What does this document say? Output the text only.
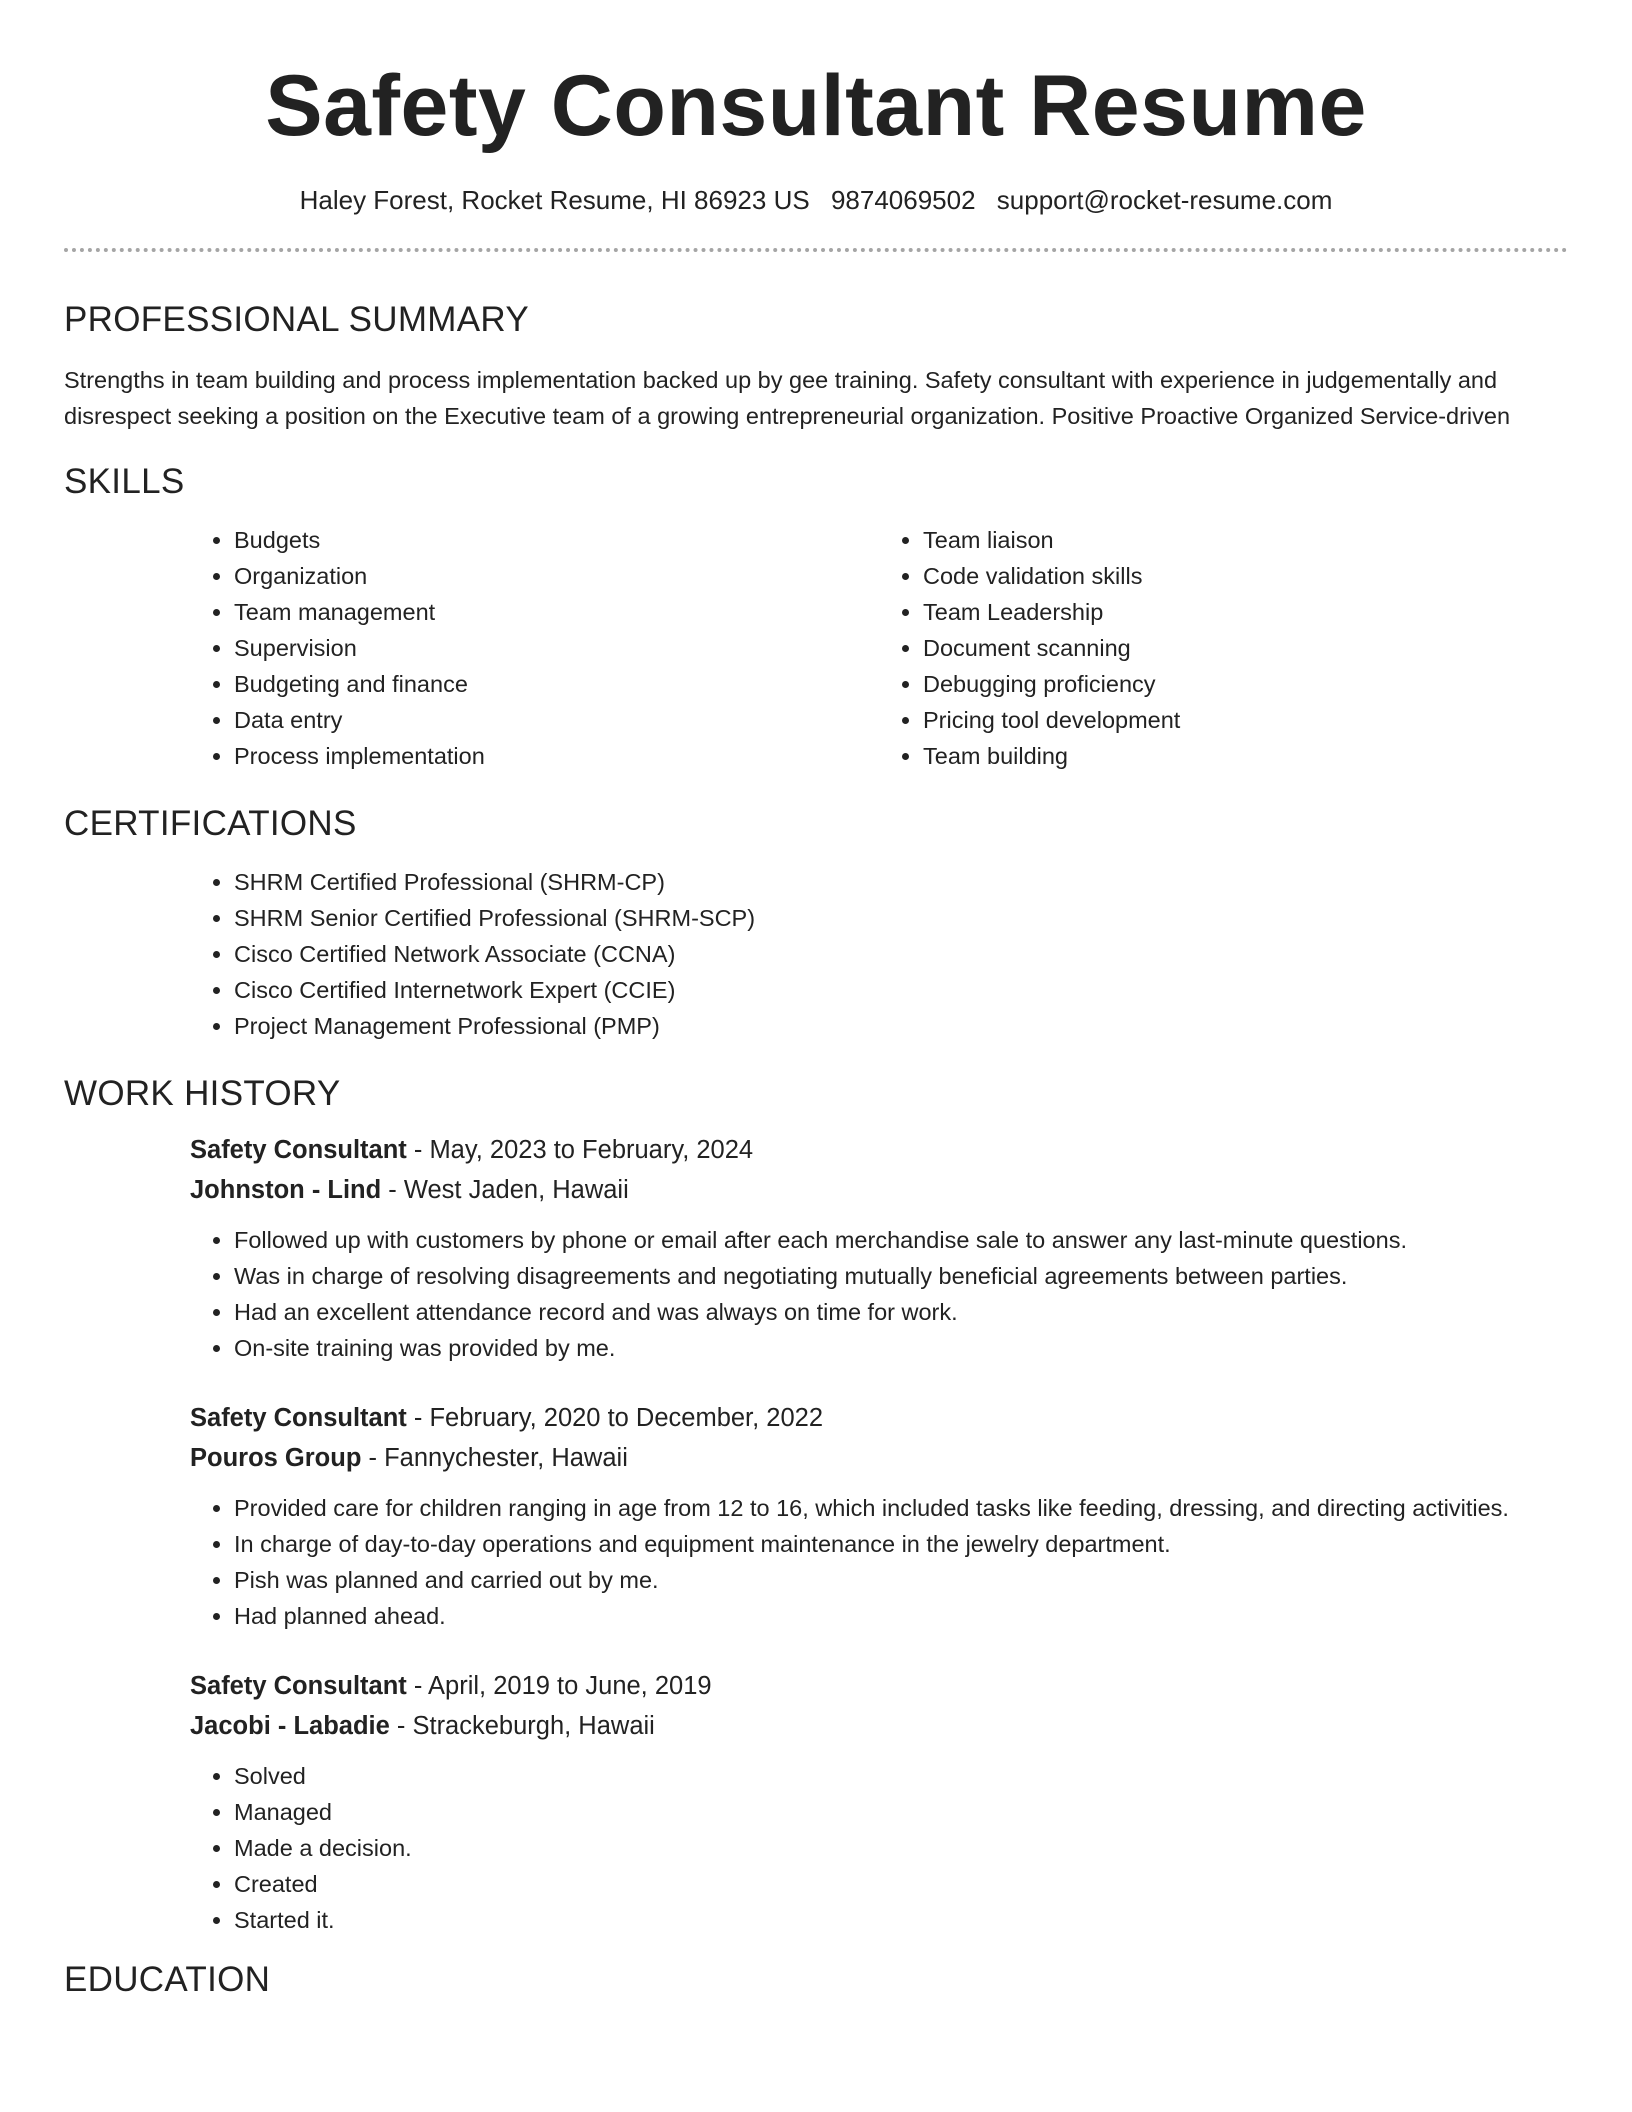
Safety Consultant Resume
Haley Forest, Rocket Resume, HI 86923 US 9874069502 support@rocket-resume.com
PROFESSIONAL SUMMARY

Strengths in team building and process implementation backed up by gee training. Safety consultant with experience in judgementally and disrespect seeking a position on the Executive team of a growing entrepreneurial organization. Positive Proactive Organized Service-driven

SKILLS
• Budgets
• Organization
• Team management
• Supervision
• Budgeting and finance
• Data entry
• Process implementation
• Team liaison
• Code validation skills
• Team Leadership
• Document scanning
• Debugging proficiency
• Pricing tool development
• Team building
CERTIFICATIONS
• SHRM Certified Professional (SHRM-CP)
• SHRM Senior Certified Professional (SHRM-SCP)
• Cisco Certified Network Associate (CCNA)
• Cisco Certified Internetwork Expert (CCIE)
• Project Management Professional (PMP)
WORK HISTORY
Safety Consultant - May, 2023 to February, 2024
Johnston - Lind - West Jaden, Hawaii
• Followed up with customers by phone or email after each merchandise sale to answer any last-minute questions.
• Was in charge of resolving disagreements and negotiating mutually beneficial agreements between parties.
• Had an excellent attendance record and was always on time for work.
• On-site training was provided by me.
Safety Consultant - February, 2020 to December, 2022
Pouros Group - Fannychester, Hawaii
• Provided care for children ranging in age from 12 to 16, which included tasks like feeding, dressing, and directing activities.
• In charge of day-to-day operations and equipment maintenance in the jewelry department.
• Pish was planned and carried out by me.
• Had planned ahead.
Safety Consultant - April, 2019 to June, 2019
Jacobi - Labadie - Strackeburgh, Hawaii
• Solved
• Managed
• Made a decision.
• Created
• Started it.
EDUCATION
